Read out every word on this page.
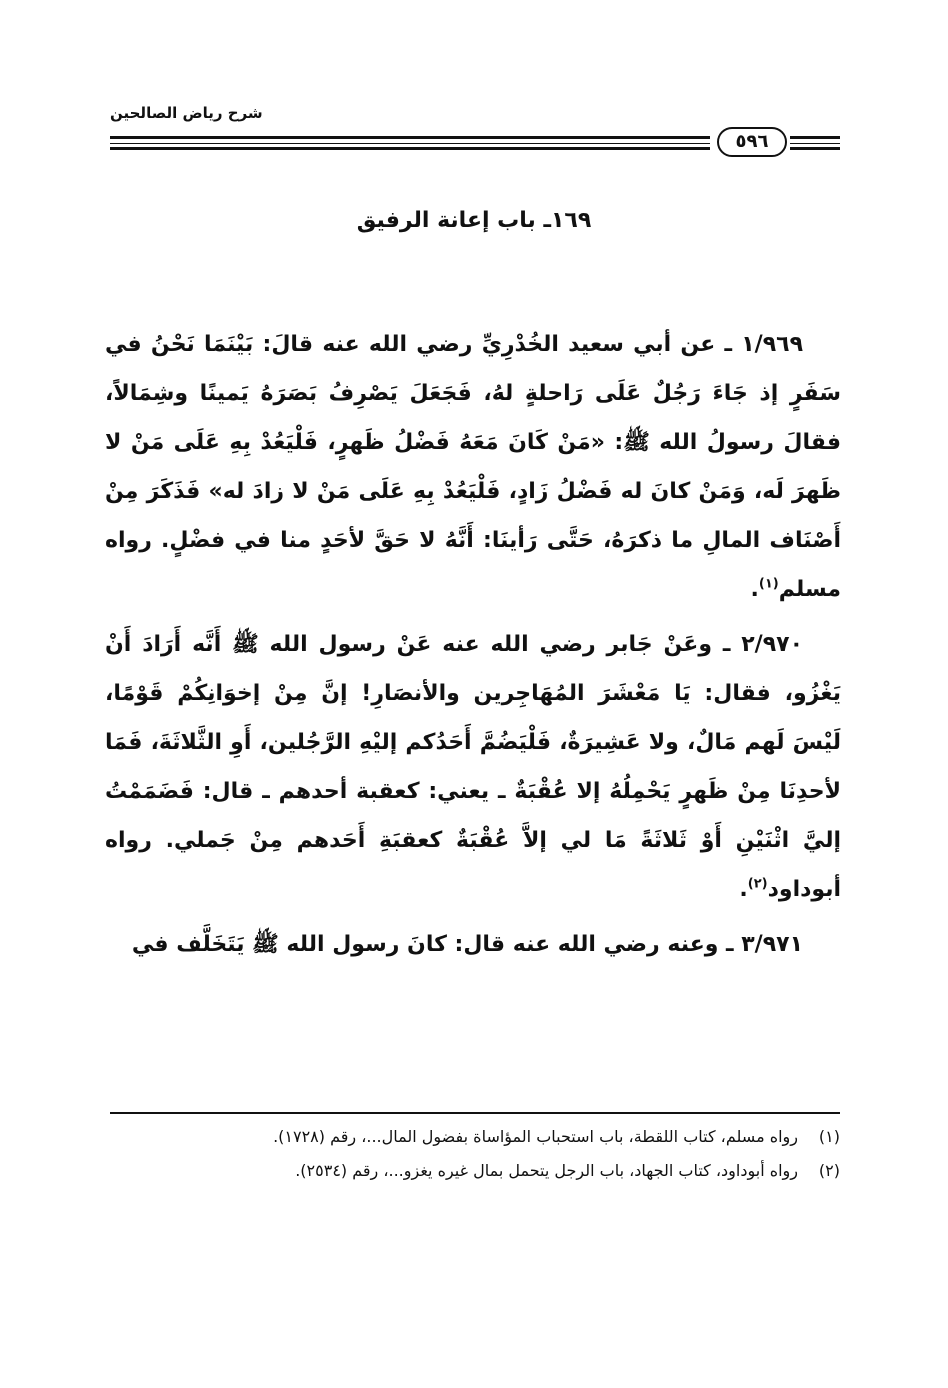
شرح رياض الصالحين
٥٩٦
١٦٩ـ باب إعانة الرفيق

١/٩٦٩ ـ عن أبي سعيد الخُدْرِيِّ رضي الله عنه قالَ: بَيْنَمَا نَحْنُ في سَفَرٍ إذ جَاءَ رَجُلٌ عَلَى رَاحلةٍ لهُ، فَجَعَلَ يَصْرِفُ بَصَرَهُ يَمينًا وشِمَالاً، فقالَ رسولُ الله ﷺ: «مَنْ كَانَ مَعَهُ فَضْلُ ظَهرٍ، فَلْيَعُدْ بِهِ عَلَى مَنْ لا ظَهرَ لَه، وَمَنْ كانَ له فَضْلُ زَادٍ، فَلْيَعُدْ بِهِ عَلَى مَنْ لا زادَ له» فَذَكَرَ مِنْ أَصْنَاف المالِ ما ذكرَهُ، حَتَّى رَأينَا: أَنَّهُ لا حَقَّ لأحَدٍ منا في فضْلٍ. رواه مسلم$^{(١)}$.

٢/٩٧٠ ـ وعَنْ جَابر رضي الله عنه عَنْ رسول الله ﷺ أَنَّه أَرَادَ أَنْ يَغْزُو، فقال: يَا مَعْشَرَ المُهَاجِرين والأنصَارِ! إنَّ مِنْ إخوَانِكُمْ قَوْمًا، لَيْسَ لَهم مَالٌ، ولا عَشِيرَةٌ، فَلْيَضُمَّ أَحَدُكم إليْهِ الرَّجُلين، أَوِ الثَّلاثَةَ، فَمَا لأحدِنَا مِنْ ظَهرٍ يَحْمِلُهُ إلا عُقْبَةٌ ـ يعني: كعقبة أحدهم ـ قال: فَضَمَمْتُ إليَّ اثْنَيْنِ أَوْ ثَلاثَةً مَا لي إلاَّ عُقْبَةٌ كعقبَةِ أَحَدهم مِنْ جَملي. رواه أبوداود$^{(٢)}$.

٣/٩٧١ ـ وعنه رضي الله عنه قال: كانَ رسول الله ﷺ يَتَخَلَّف في

(١)
رواه مسلم، كتاب اللقطة، باب استحباب المؤاساة بفضول المال...، رقم (١٧٢٨).
(٢)
رواه أبوداود، كتاب الجهاد، باب الرجل يتحمل بمال غيره يغزو...، رقم (٢٥٣٤).
